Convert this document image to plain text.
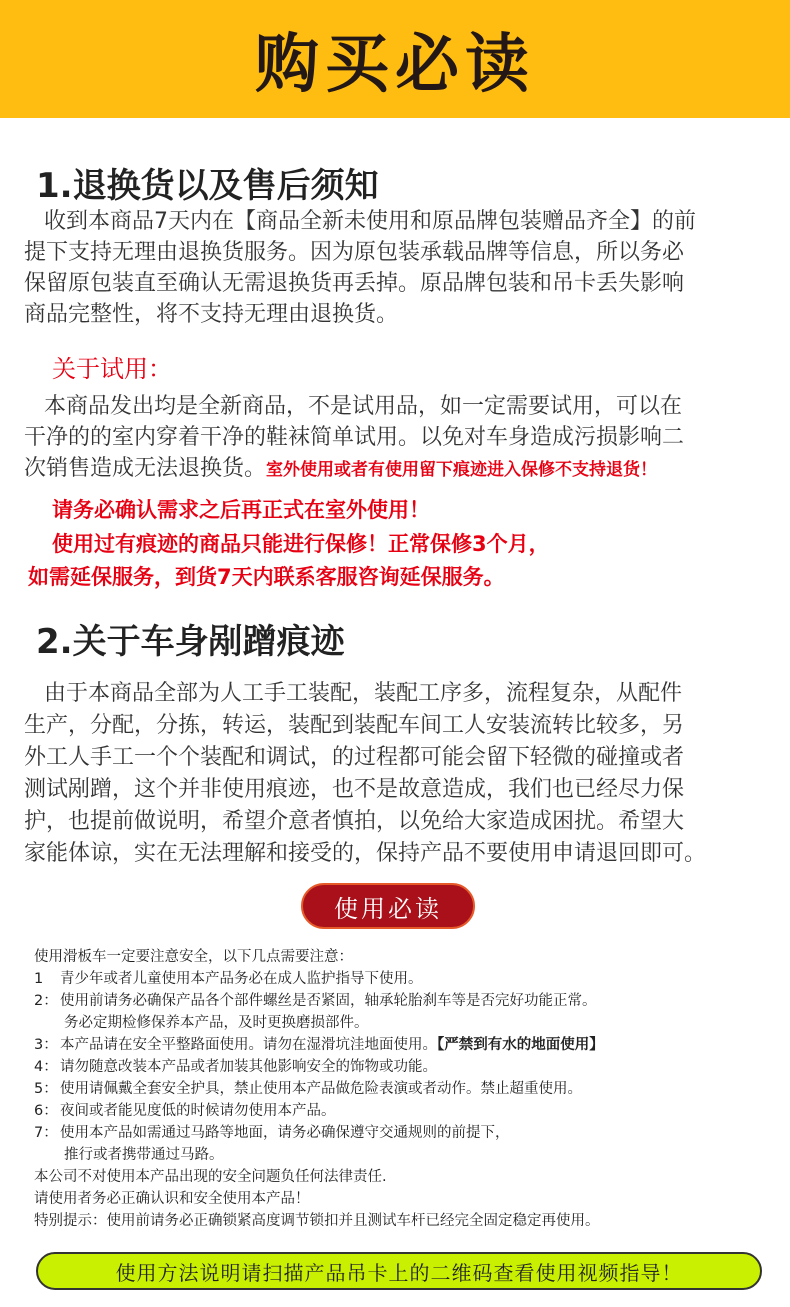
购买必读
1.退换货以及售后须知
收到本商品7天内在【商品全新未使用和原品牌包装赠品齐全】的前
提下支持无理由退换货服务。因为原包装承载品牌等信息，所以务必
保留原包装直至确认无需退换货再丢掉。原品牌包装和吊卡丢失影响
商品完整性，将不支持无理由退换货。
关于试用：
本商品发出均是全新商品，不是试用品，如一定需要试用，可以在
干净的的室内穿着干净的鞋袜简单试用。以免对车身造成污损影响二
次销售造成无法退换货。室外使用或者有使用留下痕迹进入保修不支持退货！
请务必确认需求之后再正式在室外使用！
使用过有痕迹的商品只能进行保修！正常保修3个月，
如需延保服务，到货7天内联系客服咨询延保服务。
2.关于车身剐蹭痕迹
由于本商品全部为人工手工装配，装配工序多，流程复杂，从配件
生产，分配，分拣，转运，装配到装配车间工人安装流转比较多，另
外工人手工一个个装配和调试，的过程都可能会留下轻微的碰撞或者
测试剐蹭，这个并非使用痕迹，也不是故意造成，我们也已经尽力保
护，也提前做说明，希望介意者慎拍，以免给大家造成困扰。希望大
家能体谅，实在无法理解和接受的，保持产品不要使用申请退回即可。
使用必读
使用滑板车一定要注意安全，以下几点需要注意：
1 青少年或者儿童使用本产品务必在成人监护指导下使用。
2： 使用前请务必确保产品各个部件螺丝是否紧固，轴承轮胎刹车等是否完好功能正常。
务必定期检修保养本产品，及时更换磨损部件。
3： 本产品请在安全平整路面使用。请勿在湿滑坑洼地面使用。【严禁到有水的地面使用】
4： 请勿随意改装本产品或者加装其他影响安全的饰物或功能。
5： 使用请佩戴全套安全护具，禁止使用本产品做危险表演或者动作。禁止超重使用。
6： 夜间或者能见度低的时候请勿使用本产品。
7： 使用本产品如需通过马路等地面，请务必确保遵守交通规则的前提下，
推行或者携带通过马路。
本公司不对使用本产品出现的安全问题负任何法律责任.
请使用者务必正确认识和安全使用本产品！
特别提示：使用前请务必正确锁紧高度调节锁扣并且测试车杆已经完全固定稳定再使用。
使用方法说明请扫描产品吊卡上的二维码查看使用视频指导！
